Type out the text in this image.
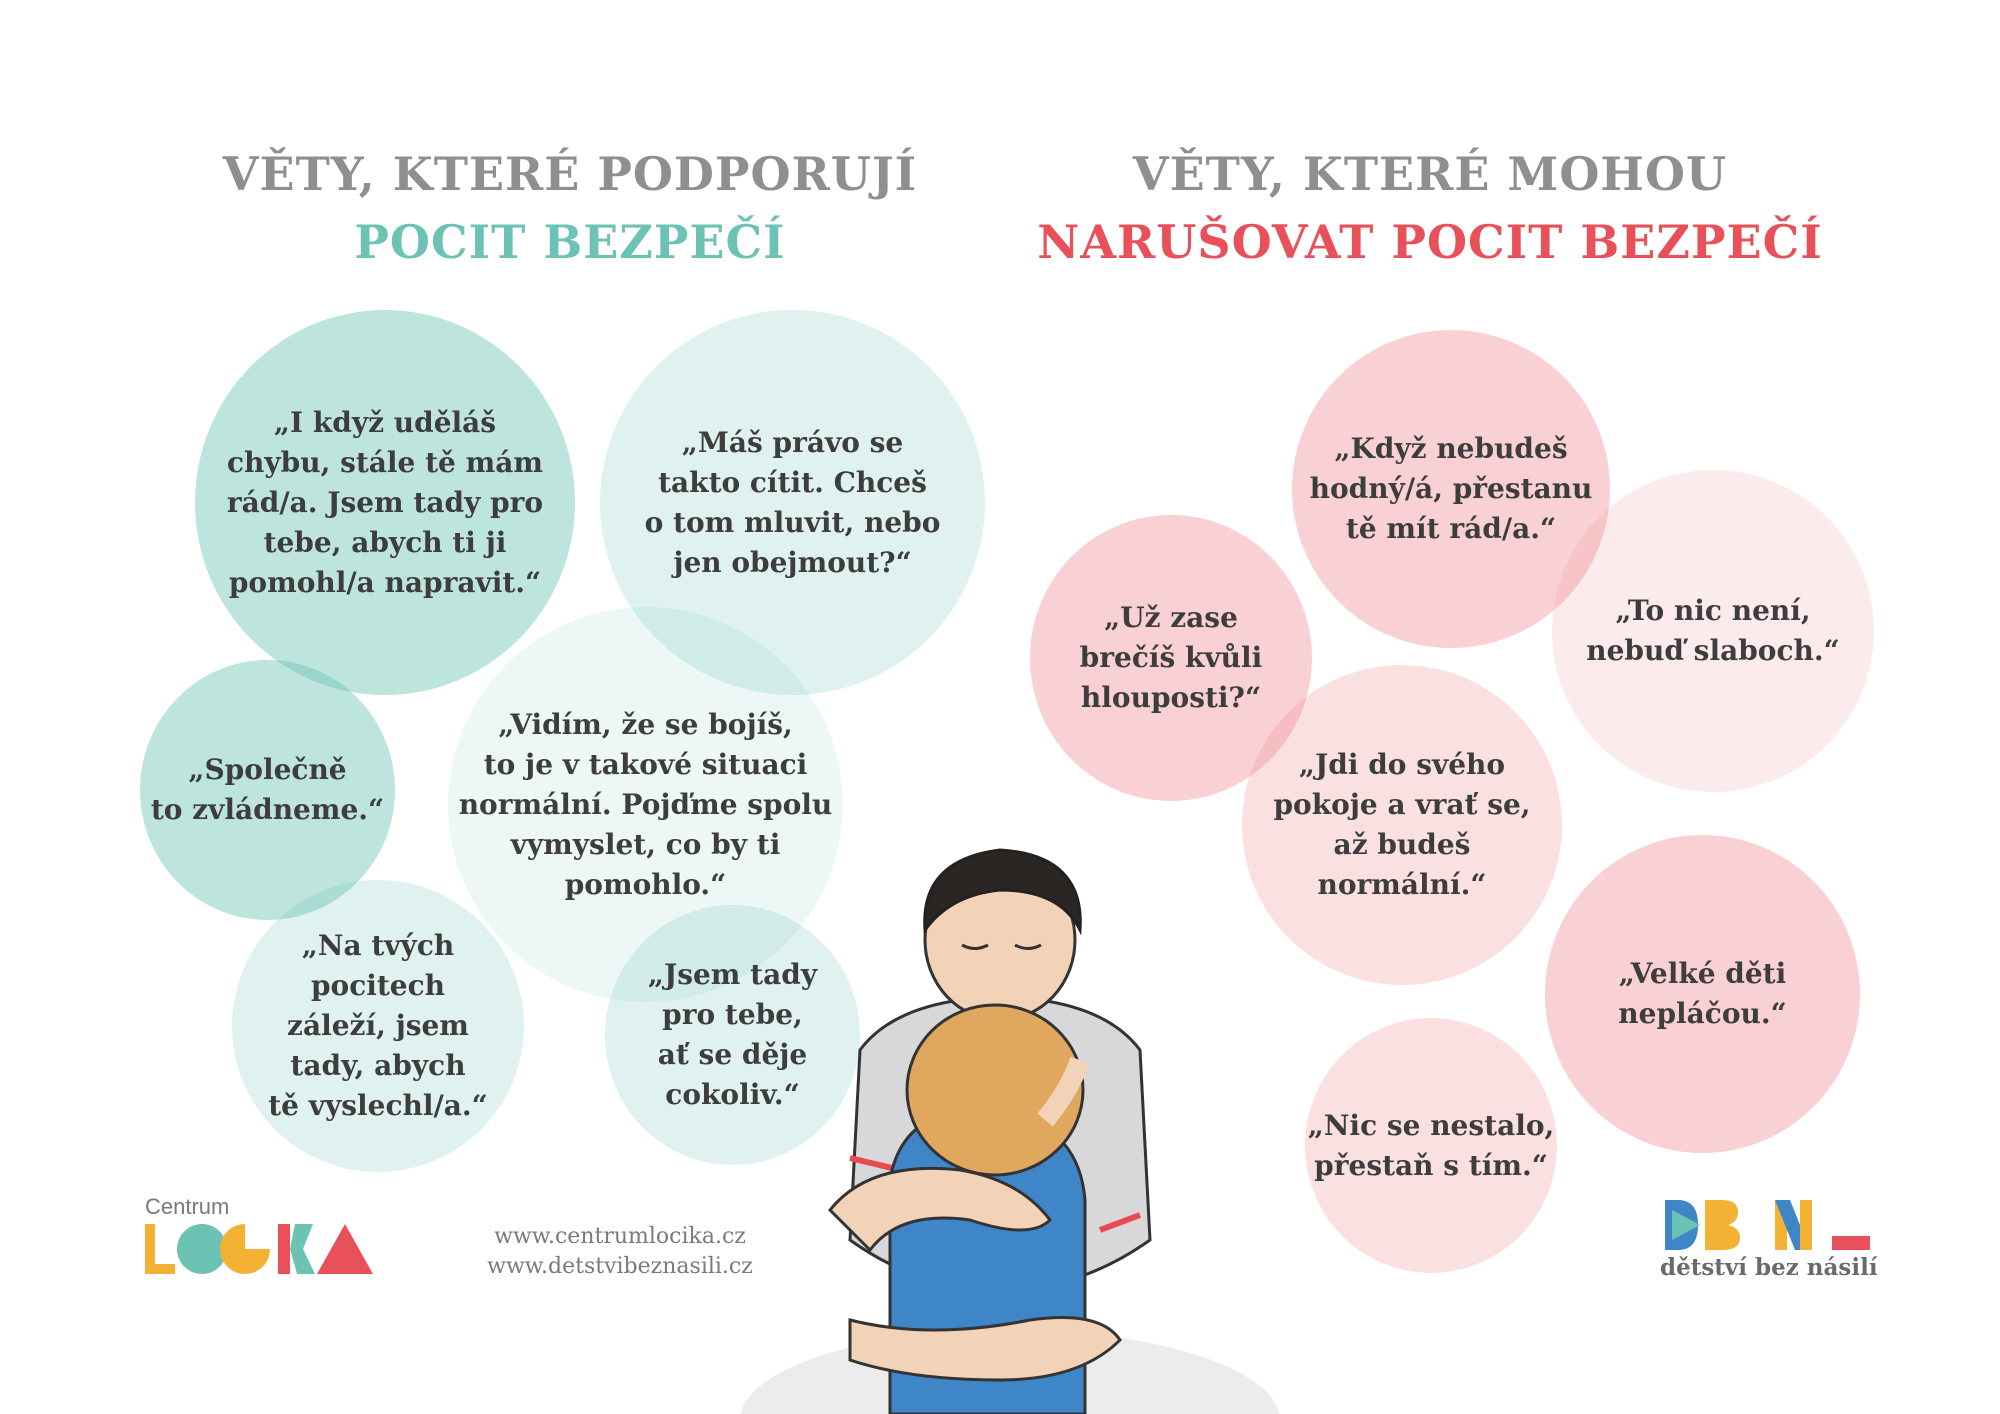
VĚTY, KTERÉ PODPORUJÍ
POCIT BEZPEČÍ
VĚTY, KTERÉ MOHOU
NARUŠOVAT POCIT BEZPEČÍ
„I když uděláš
chybu, stále tě mám
rád/a. Jsem tady pro
tebe, abych ti ji
pomohl/a napravit.“
„Máš právo se
takto cítit. Chceš
o tom mluvit, nebo
jen obejmout?“
„Společně
to zvládneme.“
„Vidím, že se bojíš,
to je v takové situaci
normální. Pojďme spolu
vymyslet, co by ti
pomohlo.“
„Na tvých
pocitech
záleží, jsem
tady, abych
tě vyslechl/a.“
„Jsem tady
pro tebe,
ať se děje
cokoliv.“
„Když nebudeš
hodný/á, přestanu
tě mít rád/a.“
„Už zase
brečíš kvůli
hlouposti?“
„To nic není,
nebuď slaboch.“
„Jdi do svého
pokoje a vrať se,
až budeš
normální.“
„Velké děti
nepláčou.“
„Nic se nestalo,
přestaň s tím.“
Centrum
www.centrumlocika.cz
www.detstvibeznasili.cz	dětství bez násilí
